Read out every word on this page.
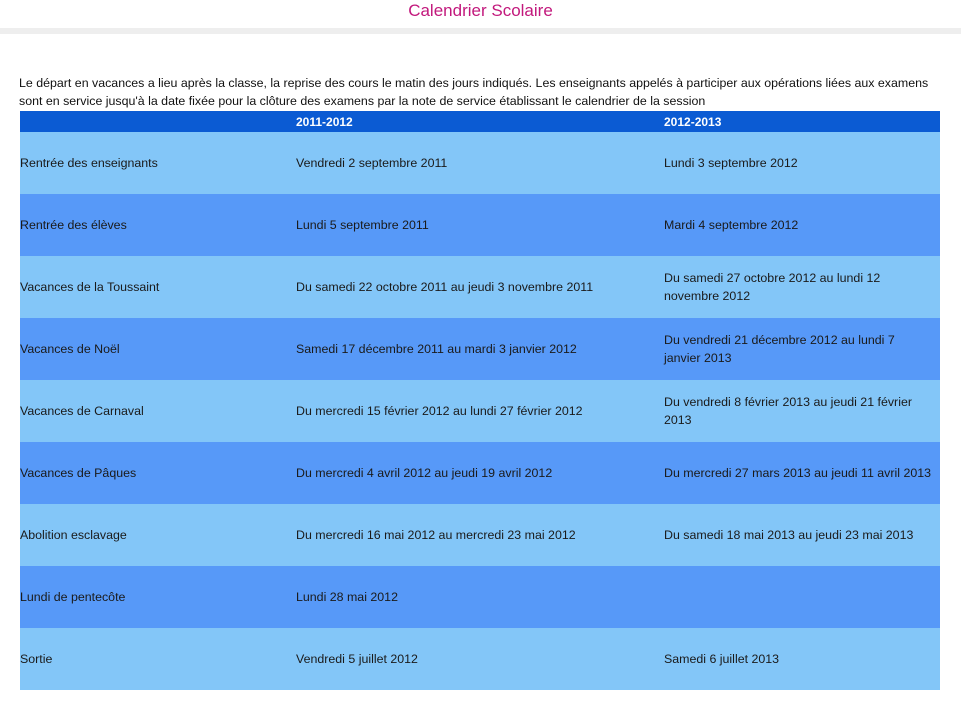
Calendrier Scolaire

Le départ en vacances a lieu après la classe, la reprise des cours le matin des jours indiqués. Les enseignants appelés à participer aux opérations liées aux examens sont en service jusqu'à la date fixée pour la clôture des examens par la note de service établissant le calendrier de la session

	2011-2012	2012-2013
Rentrée des enseignants	Vendredi 2 septembre 2011	Lundi 3 septembre 2012
Rentrée des élèves	Lundi 5 septembre 2011	Mardi 4 septembre 2012
Vacances de la Toussaint	Du samedi 22 octobre 2011 au jeudi 3 novembre 2011	Du samedi 27 octobre 2012 au lundi 12 novembre 2012
Vacances de Noël	Samedi 17 décembre 2011 au mardi 3 janvier 2012	Du vendredi 21 décembre 2012 au lundi 7 janvier 2013
Vacances de Carnaval	Du mercredi 15 février 2012 au lundi 27 février 2012	Du vendredi 8 février 2013 au jeudi 21 février 2013
Vacances de Pâques	Du mercredi 4 avril 2012 au jeudi 19 avril 2012	Du mercredi 27 mars 2013 au jeudi 11 avril 2013
Abolition esclavage	Du mercredi 16 mai 2012 au mercredi 23 mai 2012	Du samedi 18 mai 2013 au jeudi 23 mai 2013
Lundi de pentecôte	Lundi 28 mai 2012	
Sortie	Vendredi 5 juillet 2012	Samedi 6 juillet 2013
